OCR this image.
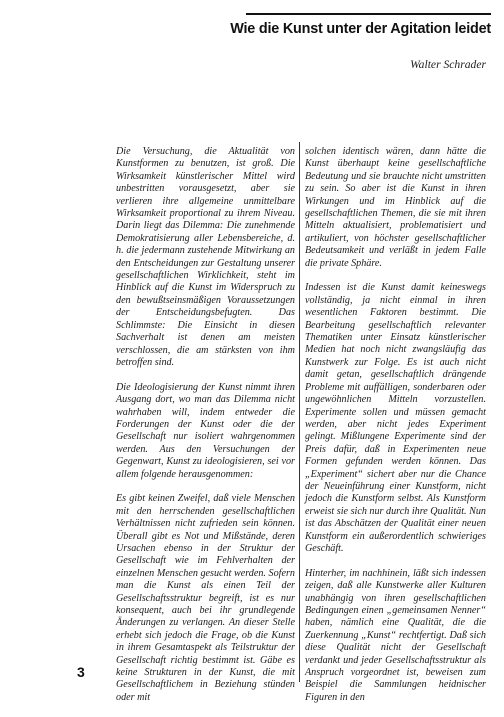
Wie die Kunst unter der Agitation leidet
Walter Schrader

Die Versuchung, die Aktualität von Kunstformen zu benutzen, ist groß. Die Wirksamkeit künstlerischer Mittel wird unbestritten vorausgesetzt, aber sie verlieren ihre allgemeine unmittelbare Wirksamkeit proportional zu ihrem Niveau. Darin liegt das Dilemma: Die zunehmende Demokratisierung aller Lebensbereiche, d. h. die jedermann zustehende Mitwirkung an den Entscheidungen zur Gestaltung unserer gesellschaftlichen Wirklichkeit, steht im Hinblick auf die Kunst im Widerspruch zu den bewußtseinsmäßigen Voraussetzungen der Entscheidungsbefugten. Das Schlimmste: Die Einsicht in diesen Sachverhalt ist denen am meisten verschlossen, die am stärksten von ihm betroffen sind.

Die Ideologisierung der Kunst nimmt ihren Ausgang dort, wo man das Dilemma nicht wahrhaben will, indem entweder die Forderungen der Kunst oder die der Gesellschaft nur isoliert wahrgenommen werden. Aus den Versuchungen der Gegenwart, Kunst zu ideologisieren, sei vor allem folgende herausgenommen:

Es gibt keinen Zweifel, daß viele Menschen mit den herrschenden gesellschaftlichen Verhältnissen nicht zufrieden sein können. Überall gibt es Not und Mißstände, deren Ursachen ebenso in der Struktur der Gesellschaft wie im Fehlverhalten der einzelnen Menschen gesucht werden. Sofern man die Kunst als einen Teil der Gesellschaftsstruktur begreift, ist es nur konsequent, auch bei ihr grundlegende Änderungen zu verlangen. An dieser Stelle erhebt sich jedoch die Frage, ob die Kunst in ihrem Gesamtaspekt als Teilstruktur der Gesellschaft richtig bestimmt ist. Gäbe es keine Strukturen in der Kunst, die mit Gesellschaftlichem in Beziehung stünden oder mit

solchen identisch wären, dann hätte die Kunst überhaupt keine gesellschaftliche Bedeutung und sie brauchte nicht umstritten zu sein. So aber ist die Kunst in ihren Wirkungen und im Hinblick auf die gesellschaftlichen Themen, die sie mit ihren Mitteln aktualisiert, problematisiert und artikuliert, von höchster gesellschaftlicher Bedeutsamkeit und verläßt in jedem Falle die private Sphäre.

Indessen ist die Kunst damit keineswegs vollständig, ja nicht einmal in ihren wesentlichen Faktoren bestimmt. Die Bearbeitung gesellschaftlich relevanter Thematiken unter Einsatz künstlerischer Medien hat noch nicht zwangsläufig das Kunstwerk zur Folge. Es ist auch nicht damit getan, gesellschaftlich drängende Probleme mit auffälligen, sonderbaren oder ungewöhnlichen Mitteln vorzustellen. Experimente sollen und müssen gemacht werden, aber nicht jedes Experiment gelingt. Mißlungene Experimente sind der Preis dafür, daß in Experimenten neue Formen gefunden werden können. Das „Experiment“ sichert aber nur die Chance der Neueinführung einer Kunstform, nicht jedoch die Kunstform selbst. Als Kunstform erweist sie sich nur durch ihre Qualität. Nun ist das Abschätzen der Qualität einer neuen Kunstform ein außerordentlich schwieriges Geschäft.

Hinterher, im nachhinein, läßt sich indessen zeigen, daß alle Kunstwerke aller Kulturen unabhängig von ihren gesellschaftlichen Bedingungen einen „gemeinsamen Nenner“ haben, nämlich eine Qualität, die die Zuerkennung „Kunst“ rechtfertigt. Daß sich diese Qualität nicht der Gesellschaft verdankt und jeder Gesellschaftsstruktur als Anspruch vorgeordnet ist, beweisen zum Beispiel die Sammlungen heidnischer Figuren in den

3
